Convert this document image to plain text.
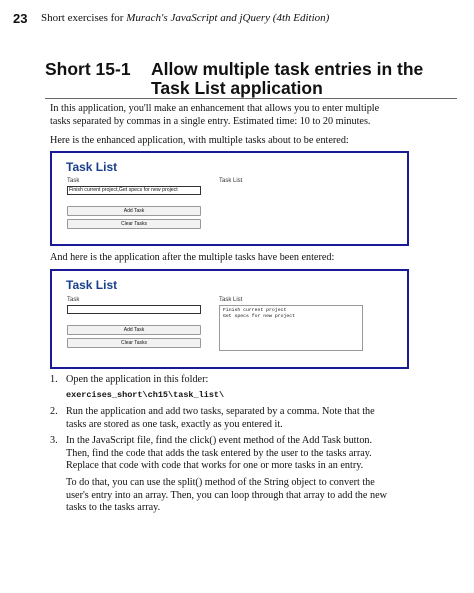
23 Short exercises for Murach's JavaScript and jQuery (4th Edition)
Short 15-1 Allow multiple task entries in the
Task List application
In this application, you'll make an enhancement that allows you to enter multiple
tasks separated by commas in a single entry. Estimated time: 10 to 20 minutes.
Here is the enhanced application, with multiple tasks about to be entered:
Task List
Task
Finish current project,Get specs for new project
Task List
Add Task
Clear Tasks
And here is the application after the multiple tasks have been entered:
Task List
Task	Task List
Finish current project
Get specs for new project
Add Task
Clear Tasks
1. Open the application in this folder:
exercises_short\ch15\task_list\
2. Run the application and add two tasks, separated by a comma. Note that the
tasks are stored as one task, exactly as you entered it.
3. In the JavaScript file, find the click() event method of the Add Task button.
Then, find the code that adds the task entered by the user to the tasks array.
Replace that code with code that works for one or more tasks in an entry.
To do that, you can use the split() method of the String object to convert the
user's entry into an array. Then, you can loop through that array to add the new
tasks to the tasks array.
